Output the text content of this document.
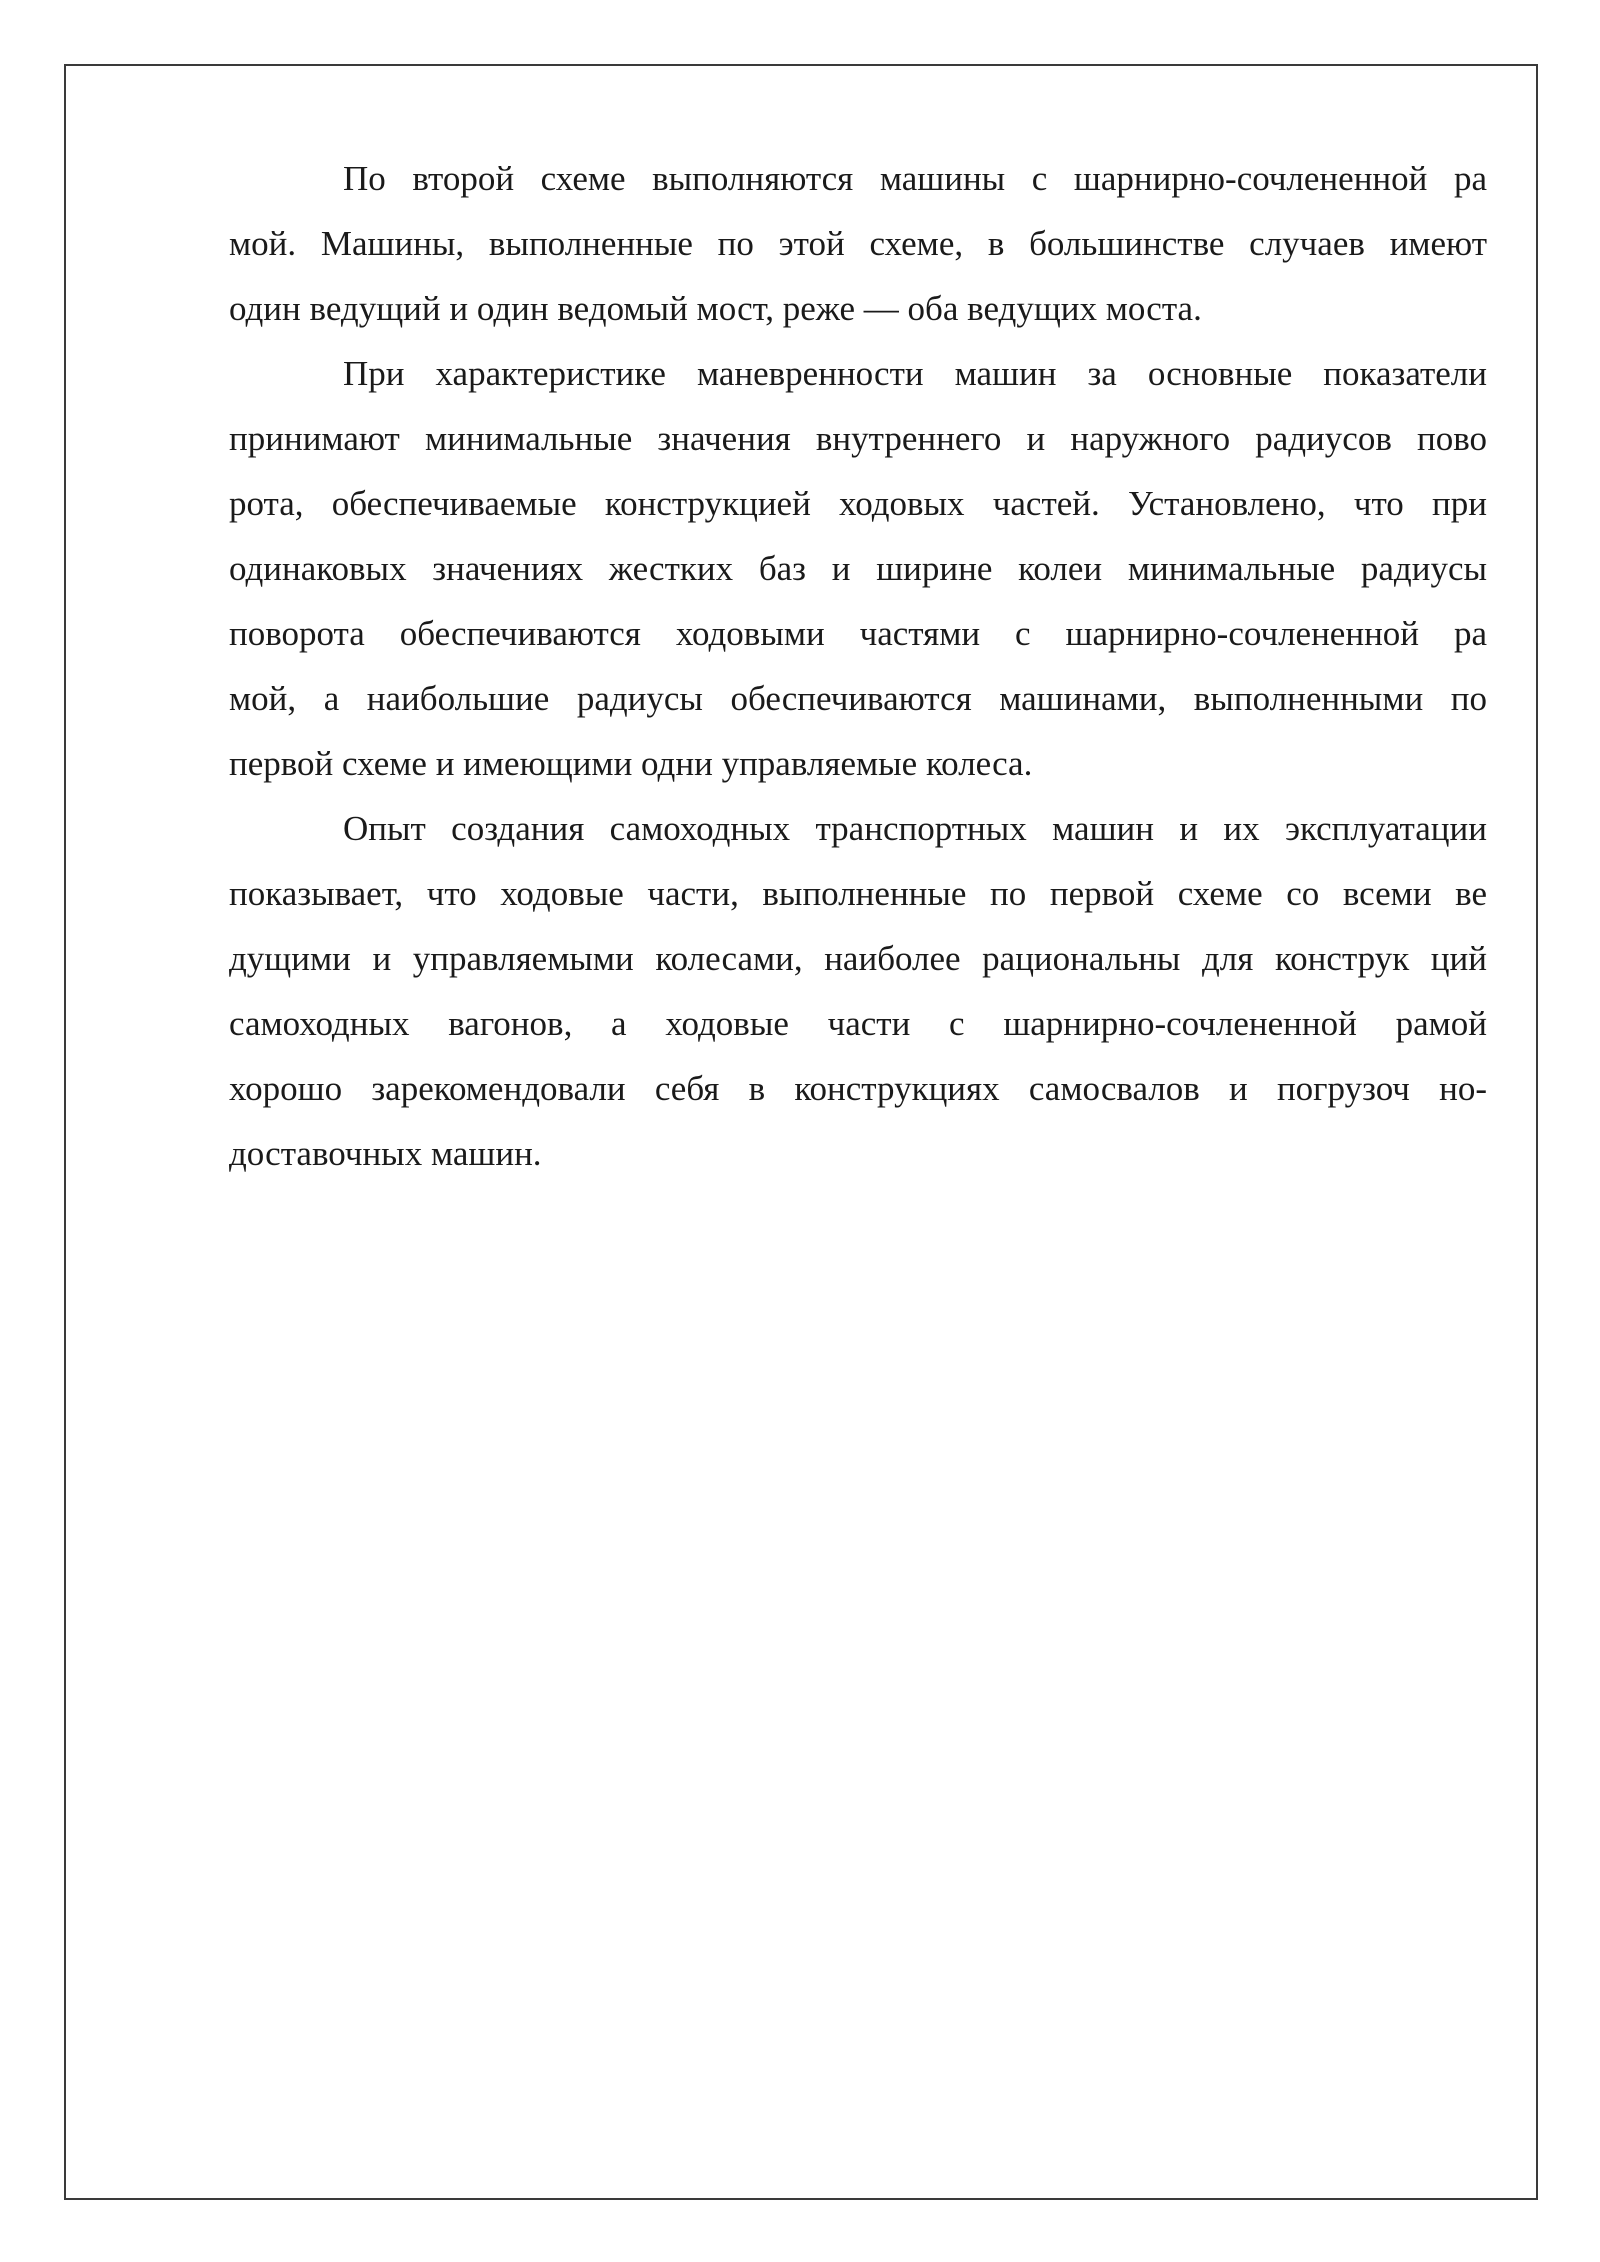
По второй схеме выполняются машины с шарнирно-сочлененной ра
мой. Машины, выполненные по этой схеме, в большинстве случаев имеют
один ведущий и один ведомый мост, реже — оба ведущих моста.
При характеристике маневренности машин за основные показатели
принимают минимальные значения внутреннего и наружного радиусов пово
рота, обеспечиваемые конструкцией ходовых частей. Установлено, что при
одинаковых значениях жестких баз и ширине колеи минимальные радиусы
поворота обеспечиваются ходовыми частями с шарнирно-сочлененной ра
мой, а наибольшие радиусы обеспечиваются машинами, выполненными по
первой схеме и имеющими одни управляемые колеса.
Опыт создания самоходных транспортных машин и их эксплуатации
показывает, что ходовые части, выполненные по первой схеме со всеми ве
дущими и управляемыми колесами, наиболее рациональны для конструк ций
самоходных вагонов, а ходовые части с шарнирно-сочлененной рамой
хорошо зарекомендовали себя в конструкциях самосвалов и погрузоч но-
доставочных машин.
